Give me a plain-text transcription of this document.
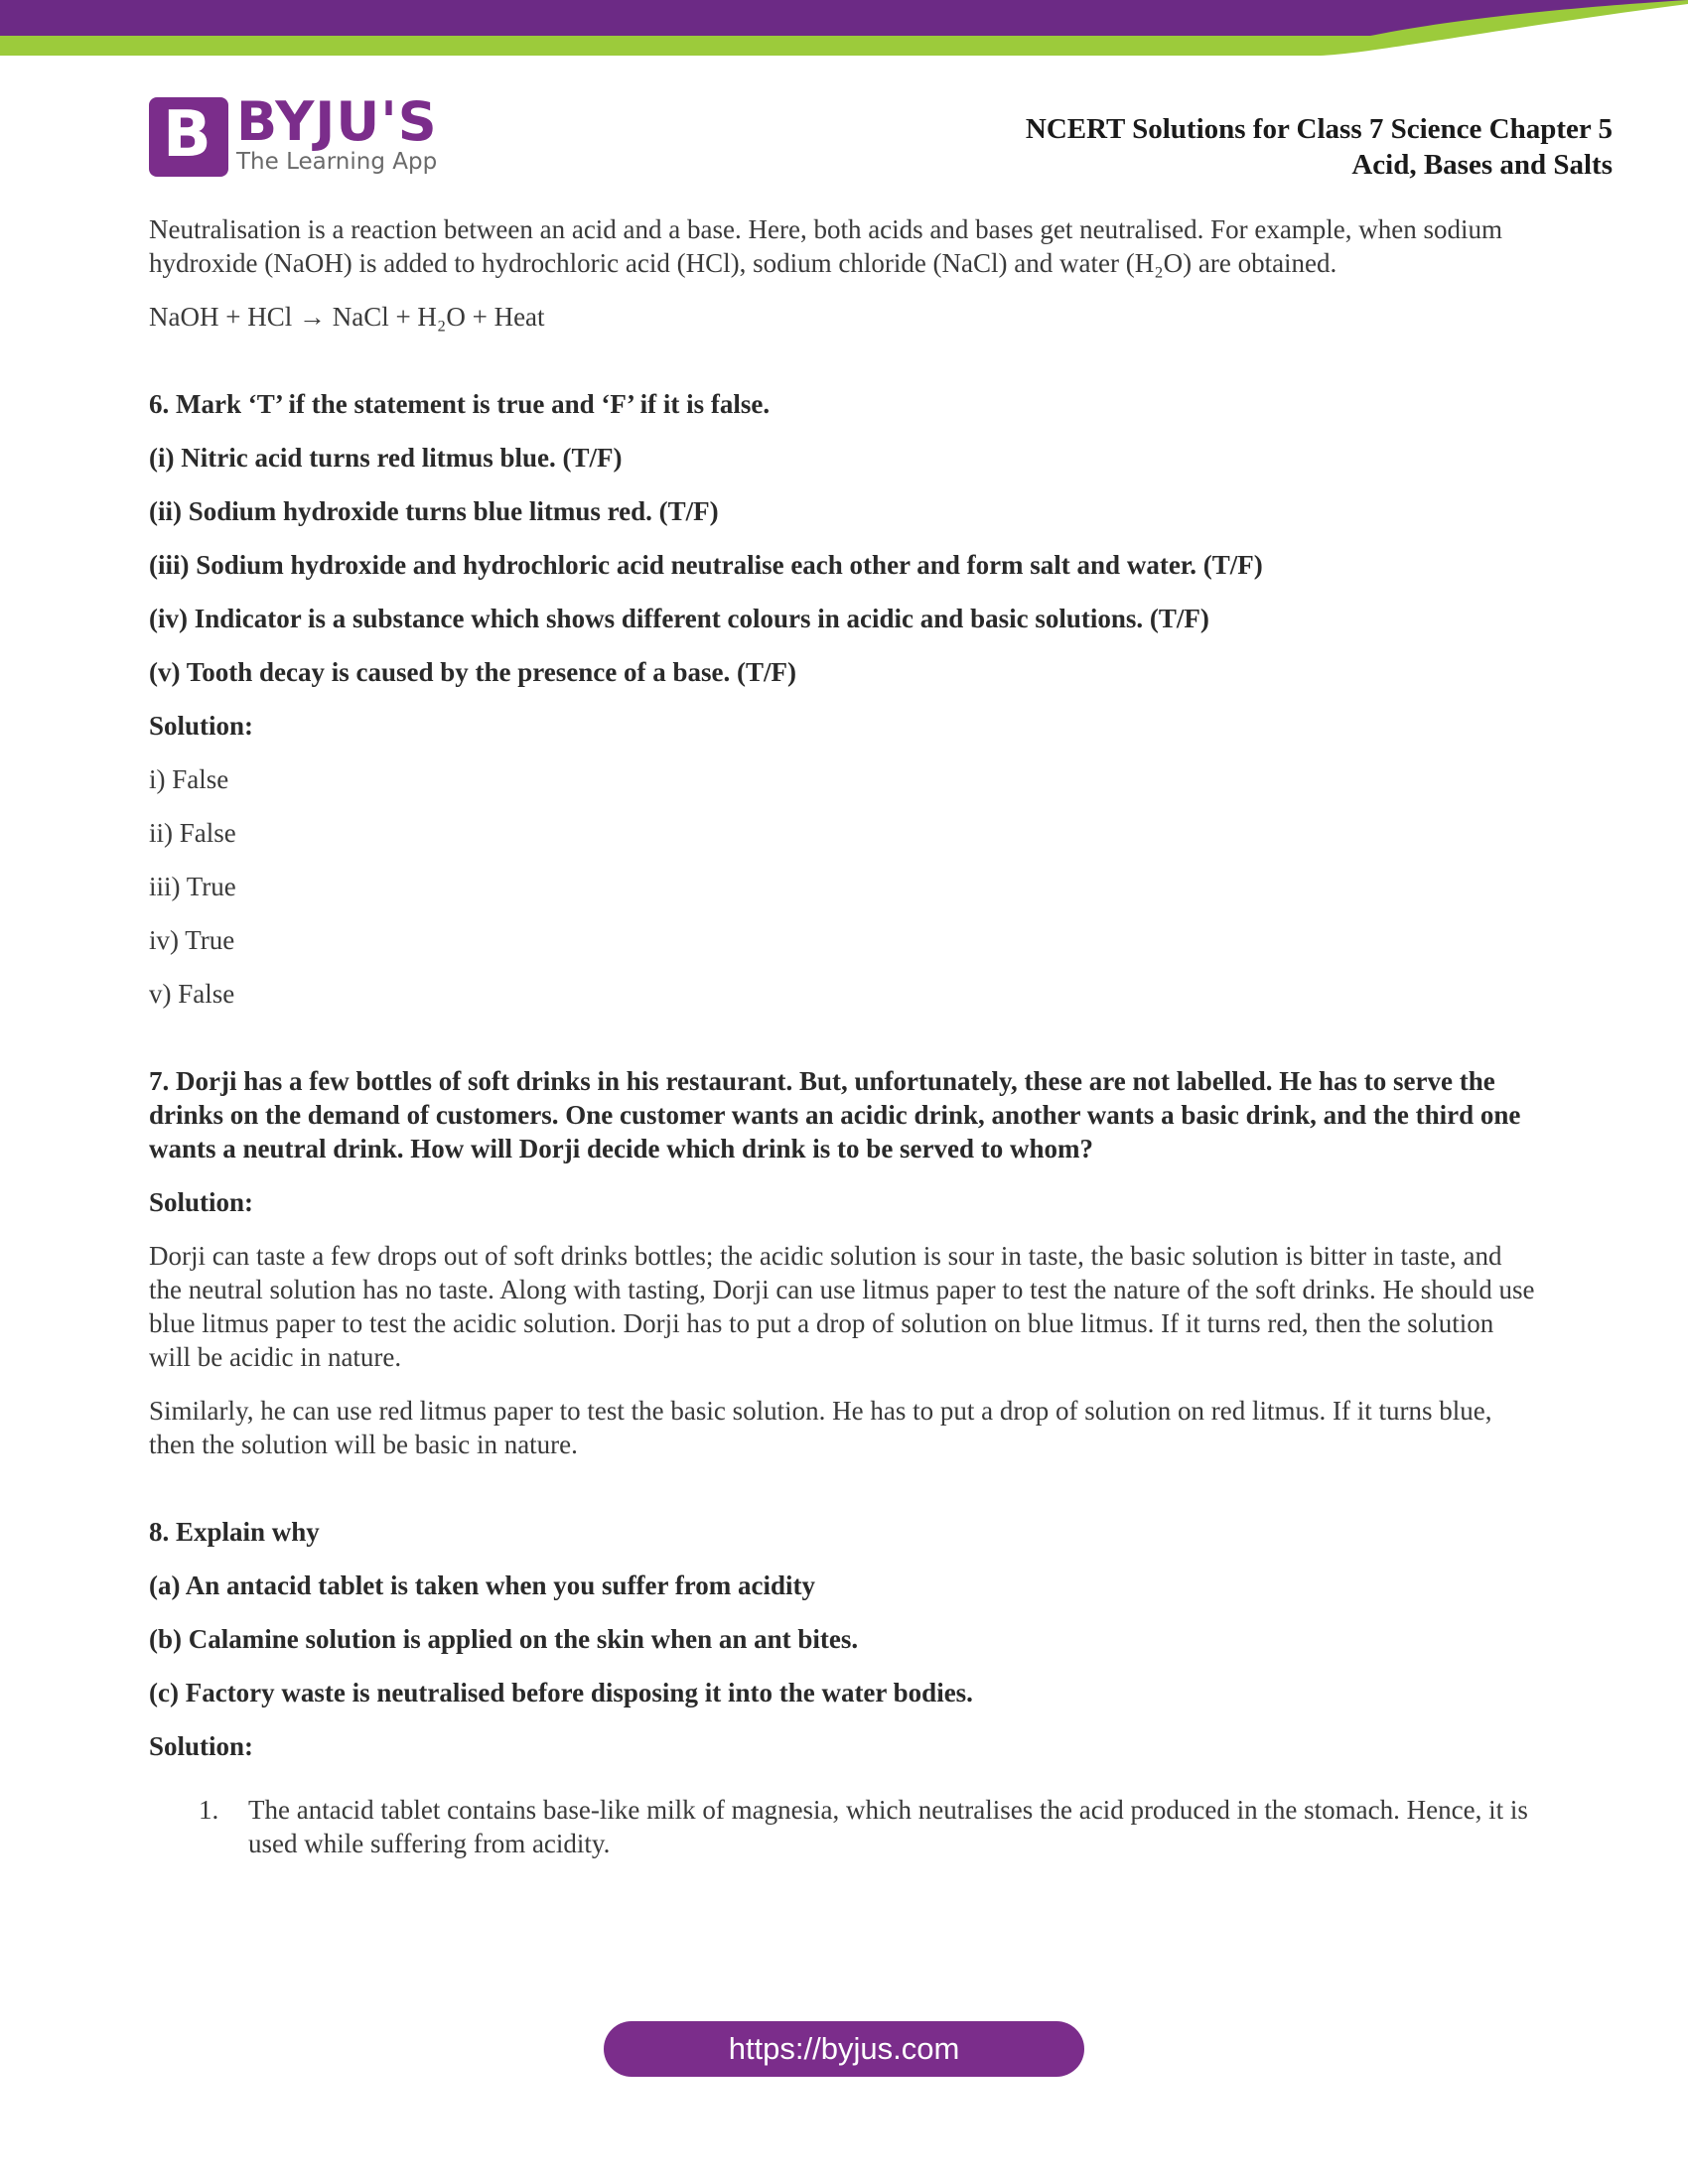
B BYJU'S
The Learning App
NCERT Solutions for Class 7 Science Chapter 5
Acid, Bases and Salts

Neutralisation is a reaction between an acid and a base. Here, both acids and bases get neutralised. For example, when sodium hydroxide (NaOH) is added to hydrochloric acid (HCl), sodium chloride (NaCl) and water (H₂O) are obtained.

NaOH + HCl → NaCl + H₂O + Heat

6. Mark ‘T’ if the statement is true and ‘F’ if it is false.

(i) Nitric acid turns red litmus blue. (T/F)

(ii) Sodium hydroxide turns blue litmus red. (T/F)

(iii) Sodium hydroxide and hydrochloric acid neutralise each other and form salt and water. (T/F)

(iv) Indicator is a substance which shows different colours in acidic and basic solutions. (T/F)

(v) Tooth decay is caused by the presence of a base. (T/F)

Solution:

i) False

ii) False

iii) True

iv) True

v) False

7. Dorji has a few bottles of soft drinks in his restaurant. But, unfortunately, these are not labelled. He has to serve the drinks on the demand of customers. One customer wants an acidic drink, another wants a basic drink, and the third one wants a neutral drink. How will Dorji decide which drink is to be served to whom?

Solution:

Dorji can taste a few drops out of soft drinks bottles; the acidic solution is sour in taste, the basic solution is bitter in taste, and the neutral solution has no taste. Along with tasting, Dorji can use litmus paper to test the nature of the soft drinks. He should use blue litmus paper to test the acidic solution. Dorji has to put a drop of solution on blue litmus. If it turns red, then the solution will be acidic in nature.

Similarly, he can use red litmus paper to test the basic solution. He has to put a drop of solution on red litmus. If it turns blue, then the solution will be basic in nature.

8. Explain why

(a) An antacid tablet is taken when you suffer from acidity

(b) Calamine solution is applied on the skin when an ant bites.

(c) Factory waste is neutralised before disposing it into the water bodies.

Solution:

1. The antacid tablet contains base-like milk of magnesia, which neutralises the acid produced in the stomach. Hence, it is used while suffering from acidity.
https://byjus.com
